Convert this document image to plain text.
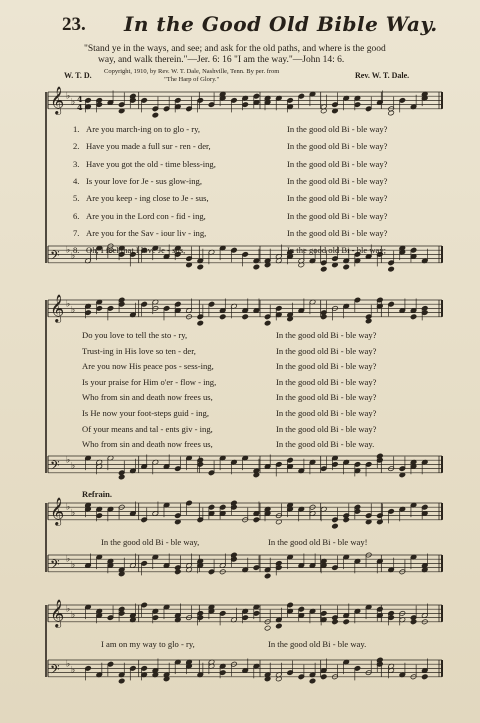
23. In the Good Old Bible Way.
"Stand ye in the ways, and see; and ask for the old paths, and where is the good
way, and walk therein."—Jer. 6: 16 "I am the way."—John 14: 6.
Copyright, 1910, by Rev. W. T. Dale, Nashville, Tenn. By per. from
"The Harp of Glory."
W. T. D.	Rev. W. T. Dale.
Refrain.
𝄞 ♭
♭
𝄢 ♭
♭
4
4
𝄞 ♭
♭
𝄢 ♭
♭
𝄞 ♭
♭
𝄢 ♭
♭
𝄞 ♭
♭
𝄢 ♭
♭
1. Are you march-ing on to glo - ry,	In the good old Bi - ble way?
2. Have you made a full sur - ren - der,	In the good old Bi - ble way?
3. Have you got the old - time bless-ing,	In the good old Bi - ble way?
4. Is your love for Je - sus glow-ing,	In the good old Bi - ble way?
5. Are you keep - ing close to Je - sus,	In the good old Bi - ble way?
6. Are you in the Lord con - fid - ing,	In the good old Bi - ble way?
7. Are you for the Sav - iour liv - ing,	In the good old Bi - ble way?
8. Oh, I feel that I love Je - sus,	In the good old Bi - ble way;
Do you love to tell the sto - ry,	In the good old Bi - ble way?
Trust-ing in His love so ten - der,	In the good old Bi - ble way?
Are you now His peace pos - sess-ing,	In the good old Bi - ble way?
Is your praise for Him o'er - flow - ing,	In the good old Bi - ble way?
Who from sin and death now frees us,	In the good old Bi - ble way?
Is He now your foot-steps guid - ing,	In the good old Bi - ble way?
Of your means and tal - ents giv - ing,	In the good old Bi - ble way?
Who from sin and death now frees us,	In the good old Bi - ble way.
In the good old Bi - ble way,	In the good old Bi - ble way!
I am on my way to glo - ry,	In the good old Bi - ble way.
